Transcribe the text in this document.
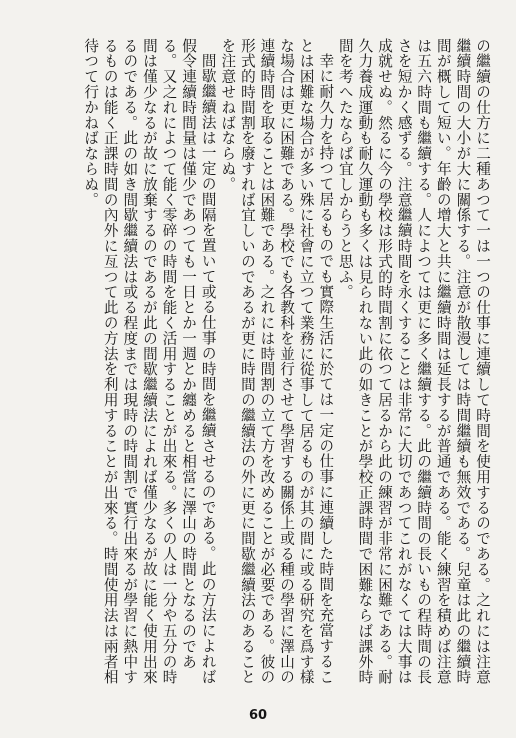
の繼續の仕方に二種あつて一は一つの仕事に連續して時間を使用するのである。之れには注意繼續時間の大小が大に關係する。注意が散漫しては時間繼續も無效である。兒童は此の繼續時間が概して短い。年齡の增大と共に繼續時間は延長するが普通である。能く練習を積めば注意は五六時間も繼續する。人によつては更に多く繼續する。此の繼續時間の長いもの程時間の長さを短かく感ずる。注意繼續時間を永くすることは非常に大切であつてこれがなくては大事は成就せぬ。然るに今の學校は形式的時間割に依つて居るから此の練習が非常に困難である。耐久力養成運動も耐久運動も多くは見られない此の如きことが學校正課時間で困難ならば課外時間を考へたならば宜しからうと思ふ。

幸に耐久力を持つて居るものでも實際生活に於ては一定の仕事に連續した時間を充當することは困難な場合が多い殊に社會に立つて業務に從事して居るものが其の間に或る研究を爲す樣な場合は更に困難である。學校でも各教科を並行させて學習する關係上或る種の學習に澤山の連續時間を取ることは困難である。之れには時間割の立て方を改めることが必要である。彼の形式的時間割を廢すれば宜しいのであるが更に時間の繼續法の外に更に間歇繼續法のあることを注意せねばならぬ。

間歇繼續法は一定の間隔を置いて或る仕事の時間を繼續させるのである。此の方法によれば假令連續時間量は僅少であつても一日とか一週とか纏めると相當に澤山の時間となるのである。又之れによつて能く零碎の時間を能く活用することが出來る。多くの人は一分や五分の時間は僅少なるが故に放棄するのであるが此の間歇繼續法によれば僅少なるが故に能く使用出來るのである。此の如き間歇繼續法は或る程度までは現時の時間割で實行出來るが學習に熱中するものは能く正課時間の內外に亙つて此の方法を利用することが出來る。時間使用法は兩者相待つて行かねばならぬ。

60
